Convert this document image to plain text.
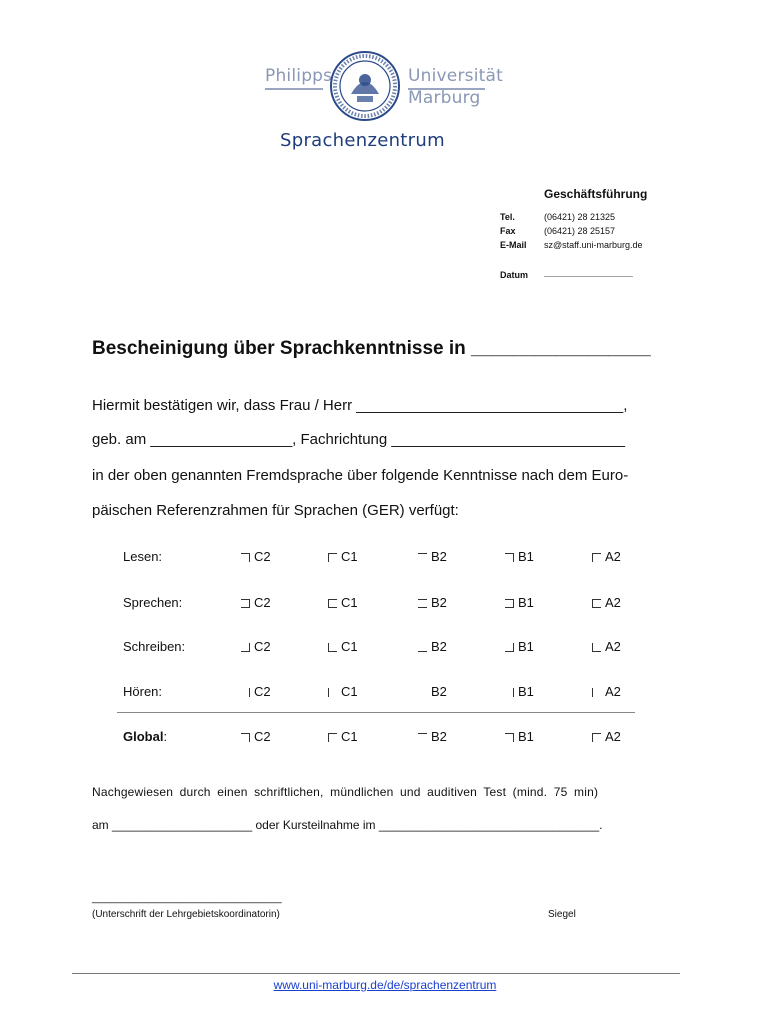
Philipps	Universität
Marburg
Sprachenzentrum
Geschäftsführung
Tel.	(06421) 28 21325
Fax	(06421) 28 25157
E-Mail sz@staff.uni-marburg.de
Datum ____________________
Bescheinigung über Sprachkenntnisse in _________________
Hiermit bestätigen wir, dass Frau / Herr ________________________________,
geb. am _________________, Fachrichtung ____________________________
in der oben genannten Fremdsprache über folgende Kenntnisse nach dem Euro-
päischen Referenzrahmen für Sprachen (GER) verfügt:
Lesen:	C2	C1	B2	B1	A2
Sprechen:	C2	C1	B2	B1	A2
Schreiben:	C2	C1	B2	B1	A2
Hören:	C2	C1	B2	B1	A2
Global:	C2	C1	B2	B1	A2
Nachgewiesen durch einen schriftlichen, mündlichen und auditiven Test (mind. 75 min)
am _____________________ oder Kursteilnahme im _________________________________.
_______________________________
(Unterschrift der Lehrgebietskoordinatorin)	Siegel
www.uni-marburg.de/de/sprachenzentrum
